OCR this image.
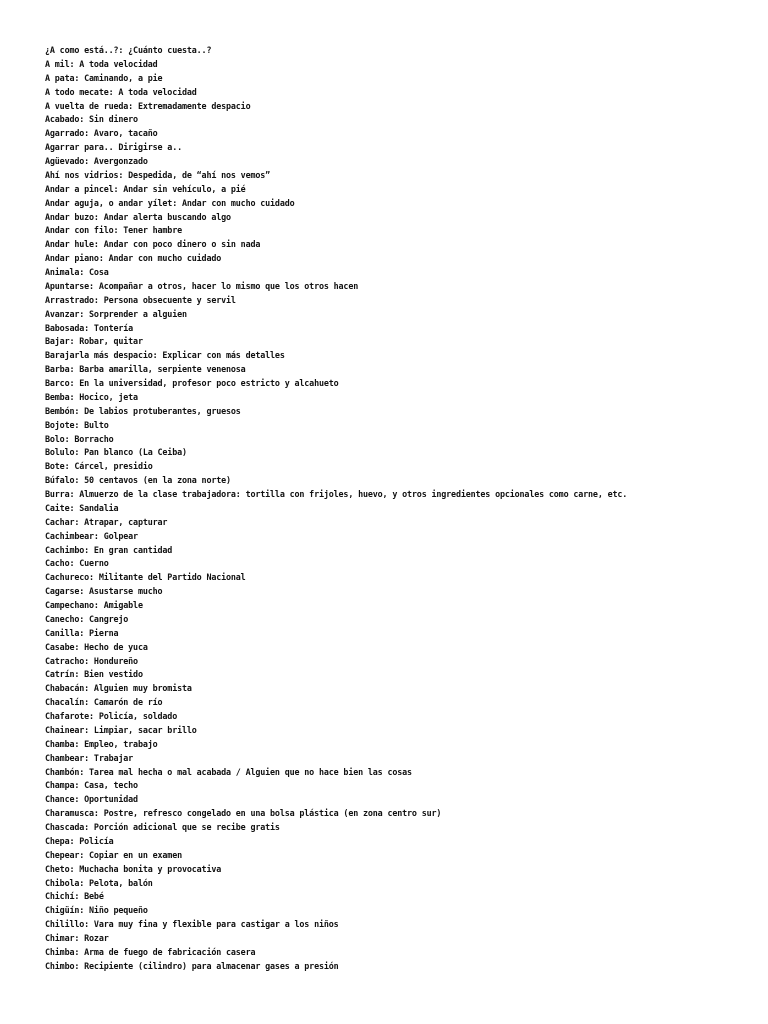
¿A como está..?: ¿Cuánto cuesta..?
A mil: A toda velocidad
A pata: Caminando, a pie
A todo mecate: A toda velocidad
A vuelta de rueda: Extremadamente despacio
Acabado: Sin dinero
Agarrado: Avaro, tacaño
Agarrar para.. Dirigirse a..
Agüevado: Avergonzado
Ahí nos vidrios: Despedida, de “ahí nos vemos”
Andar a pincel: Andar sin vehículo, a pié
Andar aguja, o andar yílet: Andar con mucho cuidado
Andar buzo: Andar alerta buscando algo
Andar con filo: Tener hambre
Andar hule: Andar con poco dinero o sin nada
Andar piano: Andar con mucho cuidado
Animala: Cosa
Apuntarse: Acompañar a otros, hacer lo mismo que los otros hacen
Arrastrado: Persona obsecuente y servil
Avanzar: Sorprender a alguien
Babosada: Tontería
Bajar: Robar, quitar
Barajarla más despacio: Explicar con más detalles
Barba: Barba amarilla, serpiente venenosa
Barco: En la universidad, profesor poco estricto y alcahueto
Bemba: Hocico, jeta
Bembón: De labios protuberantes, gruesos
Bojote: Bulto
Bolo: Borracho
Bolulo: Pan blanco (La Ceiba)
Bote: Cárcel, presidio
Búfalo: 50 centavos (en la zona norte)
Burra: Almuerzo de la clase trabajadora: tortilla con frijoles, huevo, y otros ingredientes opcionales como carne, etc.
Caite: Sandalia
Cachar: Atrapar, capturar
Cachimbear: Golpear
Cachimbo: En gran cantidad
Cacho: Cuerno
Cachureco: Militante del Partido Nacional
Cagarse: Asustarse mucho
Campechano: Amigable
Canecho: Cangrejo
Canilla: Pierna
Casabe: Hecho de yuca
Catracho: Hondureño
Catrín: Bien vestido
Chabacán: Alguien muy bromista
Chacalín: Camarón de río
Chafarote: Policía, soldado
Chainear: Limpiar, sacar brillo
Chamba: Empleo, trabajo
Chambear: Trabajar
Chambón: Tarea mal hecha o mal acabada / Alguien que no hace bien las cosas
Champa: Casa, techo
Chance: Oportunidad
Charamusca: Postre, refresco congelado en una bolsa plástica (en zona centro sur)
Chascada: Porción adicional que se recibe gratis
Chepa: Policía
Chepear: Copiar en un examen
Cheto: Muchacha bonita y provocativa
Chibola: Pelota, balón
Chichí: Bebé
Chigüín: Niño pequeño
Chilillo: Vara muy fina y flexible para castigar a los niños
Chimar: Rozar
Chimba: Arma de fuego de fabricación casera
Chimbo: Recipiente (cilindro) para almacenar gases a presión
